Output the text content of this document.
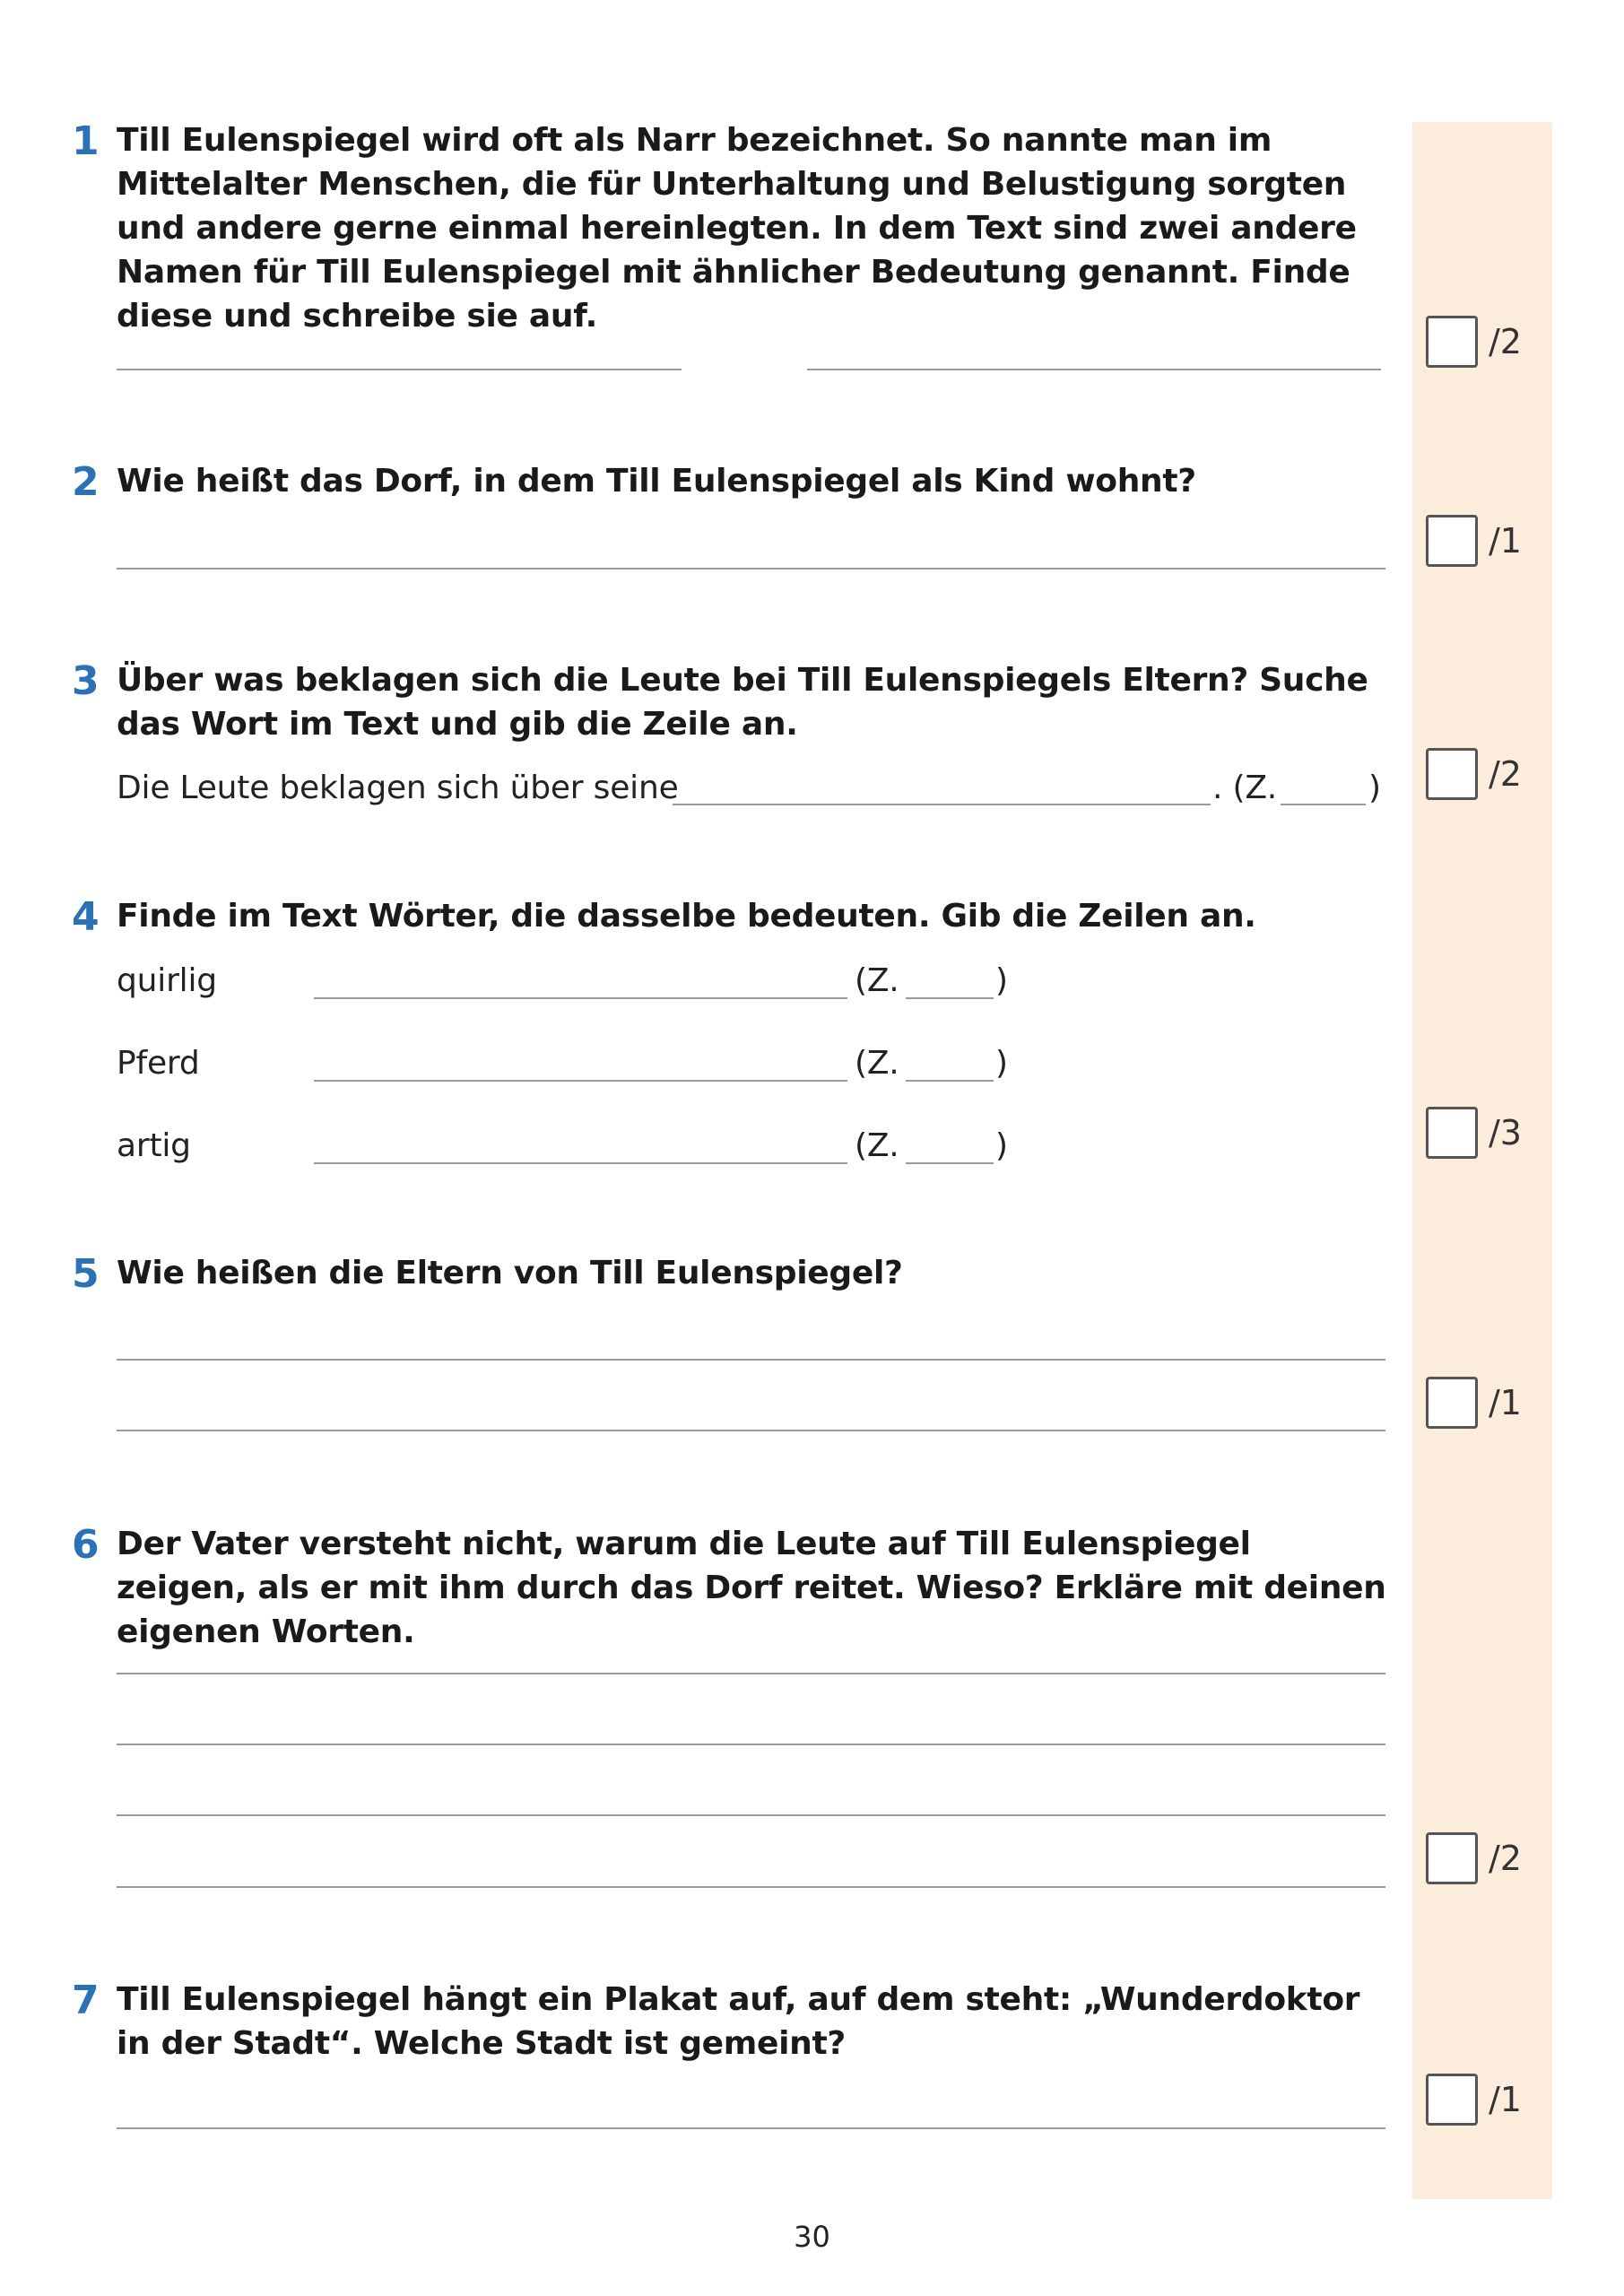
1 Till Eulenspiegel wird oft als Narr bezeichnet. So nannte man im Mittelalter Menschen, die für Unterhaltung und Belustigung sorgten und andere gerne einmal hereinlegten. In dem Text sind zwei andere Namen für Till Eulenspiegel mit ähnlicher Bedeutung genannt. Finde diese und schreibe sie auf.
/2
2 Wie heißt das Dorf, in dem Till Eulenspiegel als Kind wohnt?
/1
3 Über was beklagen sich die Leute bei Till Eulenspiegels Eltern? Suche das Wort im Text und gib die Zeile an.
Die Leute beklagen sich über seine	. (Z.	)	/2
4 Finde im Text Wörter, die dasselbe bedeuten. Gib die Zeilen an.
quirlig	(Z.	)
Pferd	(Z.	)
artig	(Z.	)	/3
5 Wie heißen die Eltern von Till Eulenspiegel?
/1
6 Der Vater versteht nicht, warum die Leute auf Till Eulenspiegel zeigen, als er mit ihm durch das Dorf reitet. Wieso? Erkläre mit deinen eigenen Worten.
/2
7 Till Eulenspiegel hängt ein Plakat auf, auf dem steht: „Wunderdoktor in der Stadt“. Welche Stadt ist gemeint?
/1
30
